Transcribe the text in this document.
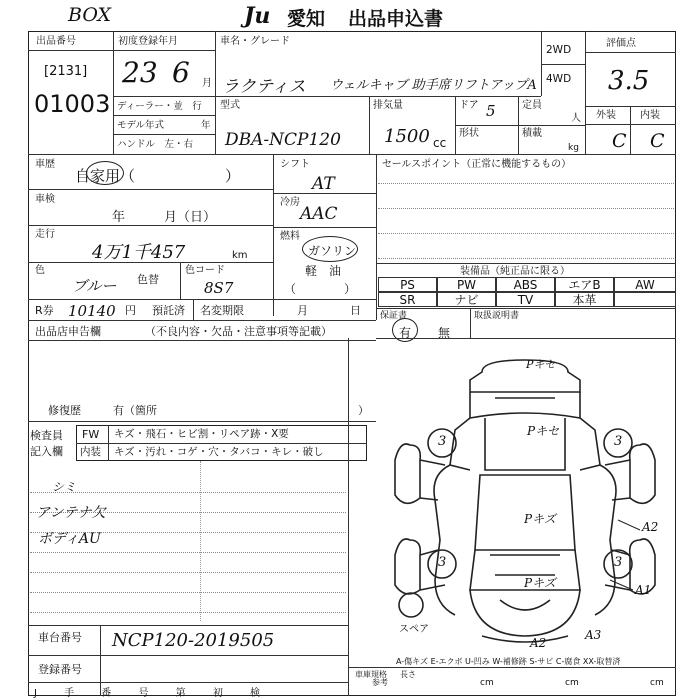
BOX	Ju 愛知 出品申込書
出品番号
[2131]
01003
初度登録年月
23 6 月
ディーラー・並　行
モデル年式	年
ハンドル　左・右
車名・グレード
ラクティス ウェルキャブ 助手席リフトアップA
2WD
4WD
評価点
3.5
外装 内装
C C
型式
DBA-NCP120
排気量
1500 cc
ドア 5	定員
人
形状	積載
kg
車歴
自家用（　　　　　　）
シフト
AT
車検
年　　　月（日）
冷房
AAC
走行
4万1千457	km
燃料
ガソリン
軽　油
（　　　　）
色
ブルー 色替
色コード
8S7
R券 10140 円 預託済 名変期限	月	日
セールスポイント（正常に機能するもの）
装備品（純正品に限る）
PS	PW	ABS	エアB	AW
SR	ナビ	TV	本革
保証書
有 無
取扱説明書
出品店申告欄	（不良内容・欠品・注意事項等記載）
修復歴	有（箇所	）
検査員
記入欄
FW キズ・飛石・ヒビ割・リペア跡・X要
内装 キズ・汚れ・コゲ・穴・タバコ・キレ・破し
シミ
アンテナ欠
ボディAU
車台番号 NCP120-2019505
登録番号
J 手 番 号 第 初 検
Pキセ
Pキセ
Pキズ
Pキズ
3	3
3	3
A2
A1
A2
A3
スペア
A-傷キズ E-エクボ U-凹み W-補修跡 S-サビ C-腐食 XX-取替済
車庫規格 長さ
参考	cm	cm	cm
